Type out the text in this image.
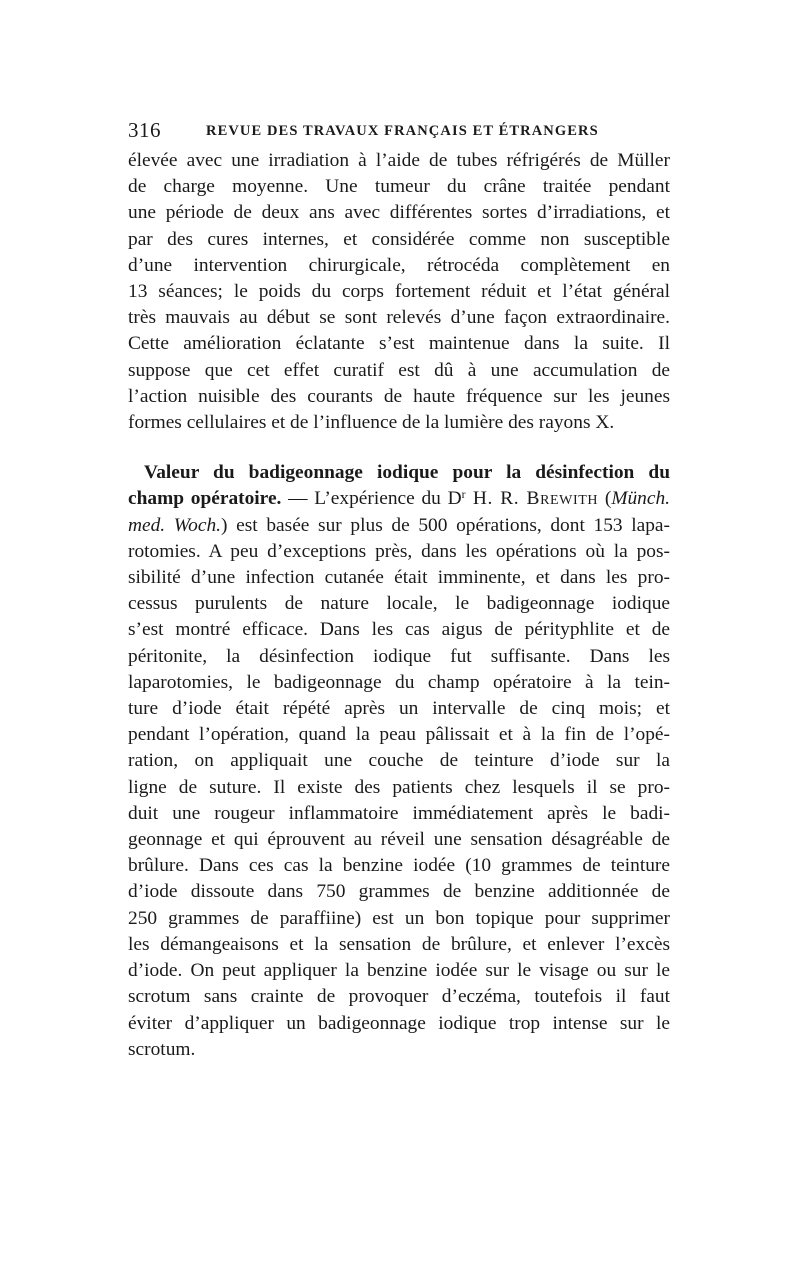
316	REVUE DES TRAVAUX FRANÇAIS ET ÉTRANGERS

élevée avec une irradiation à l’aide de tubes réfrigérés de Müller
de charge moyenne. Une tumeur du crâne traitée pendant
une période de deux ans avec différentes sortes d’irradiations, et
par des cures internes, et considérée comme non susceptible
d’une intervention chirurgicale, rétrocéda complètement en
13 séances; le poids du corps fortement réduit et l’état général
très mauvais au début se sont relevés d’une façon extraordinaire.
Cette amélioration éclatante s’est maintenue dans la suite. Il
suppose que cet effet curatif est dû à une accumulation de
l’action nuisible des courants de haute fréquence sur les jeunes
formes cellulaires et de l’influence de la lumière des rayons X.

Valeur du badigeonnage iodique pour la désinfection du
champ opératoire. — L’expérience du $D^r$ H. R. Brewith (Münch.
med. Woch.) est basée sur plus de 500 opérations, dont 153 lapa-
rotomies. A peu d’exceptions près, dans les opérations où la pos-
sibilité d’une infection cutanée était imminente, et dans les pro-
cessus purulents de nature locale, le badigeonnage iodique
s’est montré efficace. Dans les cas aigus de pérityphlite et de
péritonite, la désinfection iodique fut suffisante. Dans les
laparotomies, le badigeonnage du champ opératoire à la tein-
ture d’iode était répété après un intervalle de cinq mois; et
pendant l’opération, quand la peau pâlissait et à la fin de l’opé-
ration, on appliquait une couche de teinture d’iode sur la
ligne de suture. Il existe des patients chez lesquels il se pro-
duit une rougeur inflammatoire immédiatement après le badi-
geonnage et qui éprouvent au réveil une sensation désagréable de
brûlure. Dans ces cas la benzine iodée (10 grammes de teinture
d’iode dissoute dans 750 grammes de benzine additionnée de
250 grammes de paraffiine) est un bon topique pour supprimer
les démangeaisons et la sensation de brûlure, et enlever l’excès
d’iode. On peut appliquer la benzine iodée sur le visage ou sur le
scrotum sans crainte de provoquer d’eczéma, toutefois il faut
éviter d’appliquer un badigeonnage iodique trop intense sur le
scrotum.
